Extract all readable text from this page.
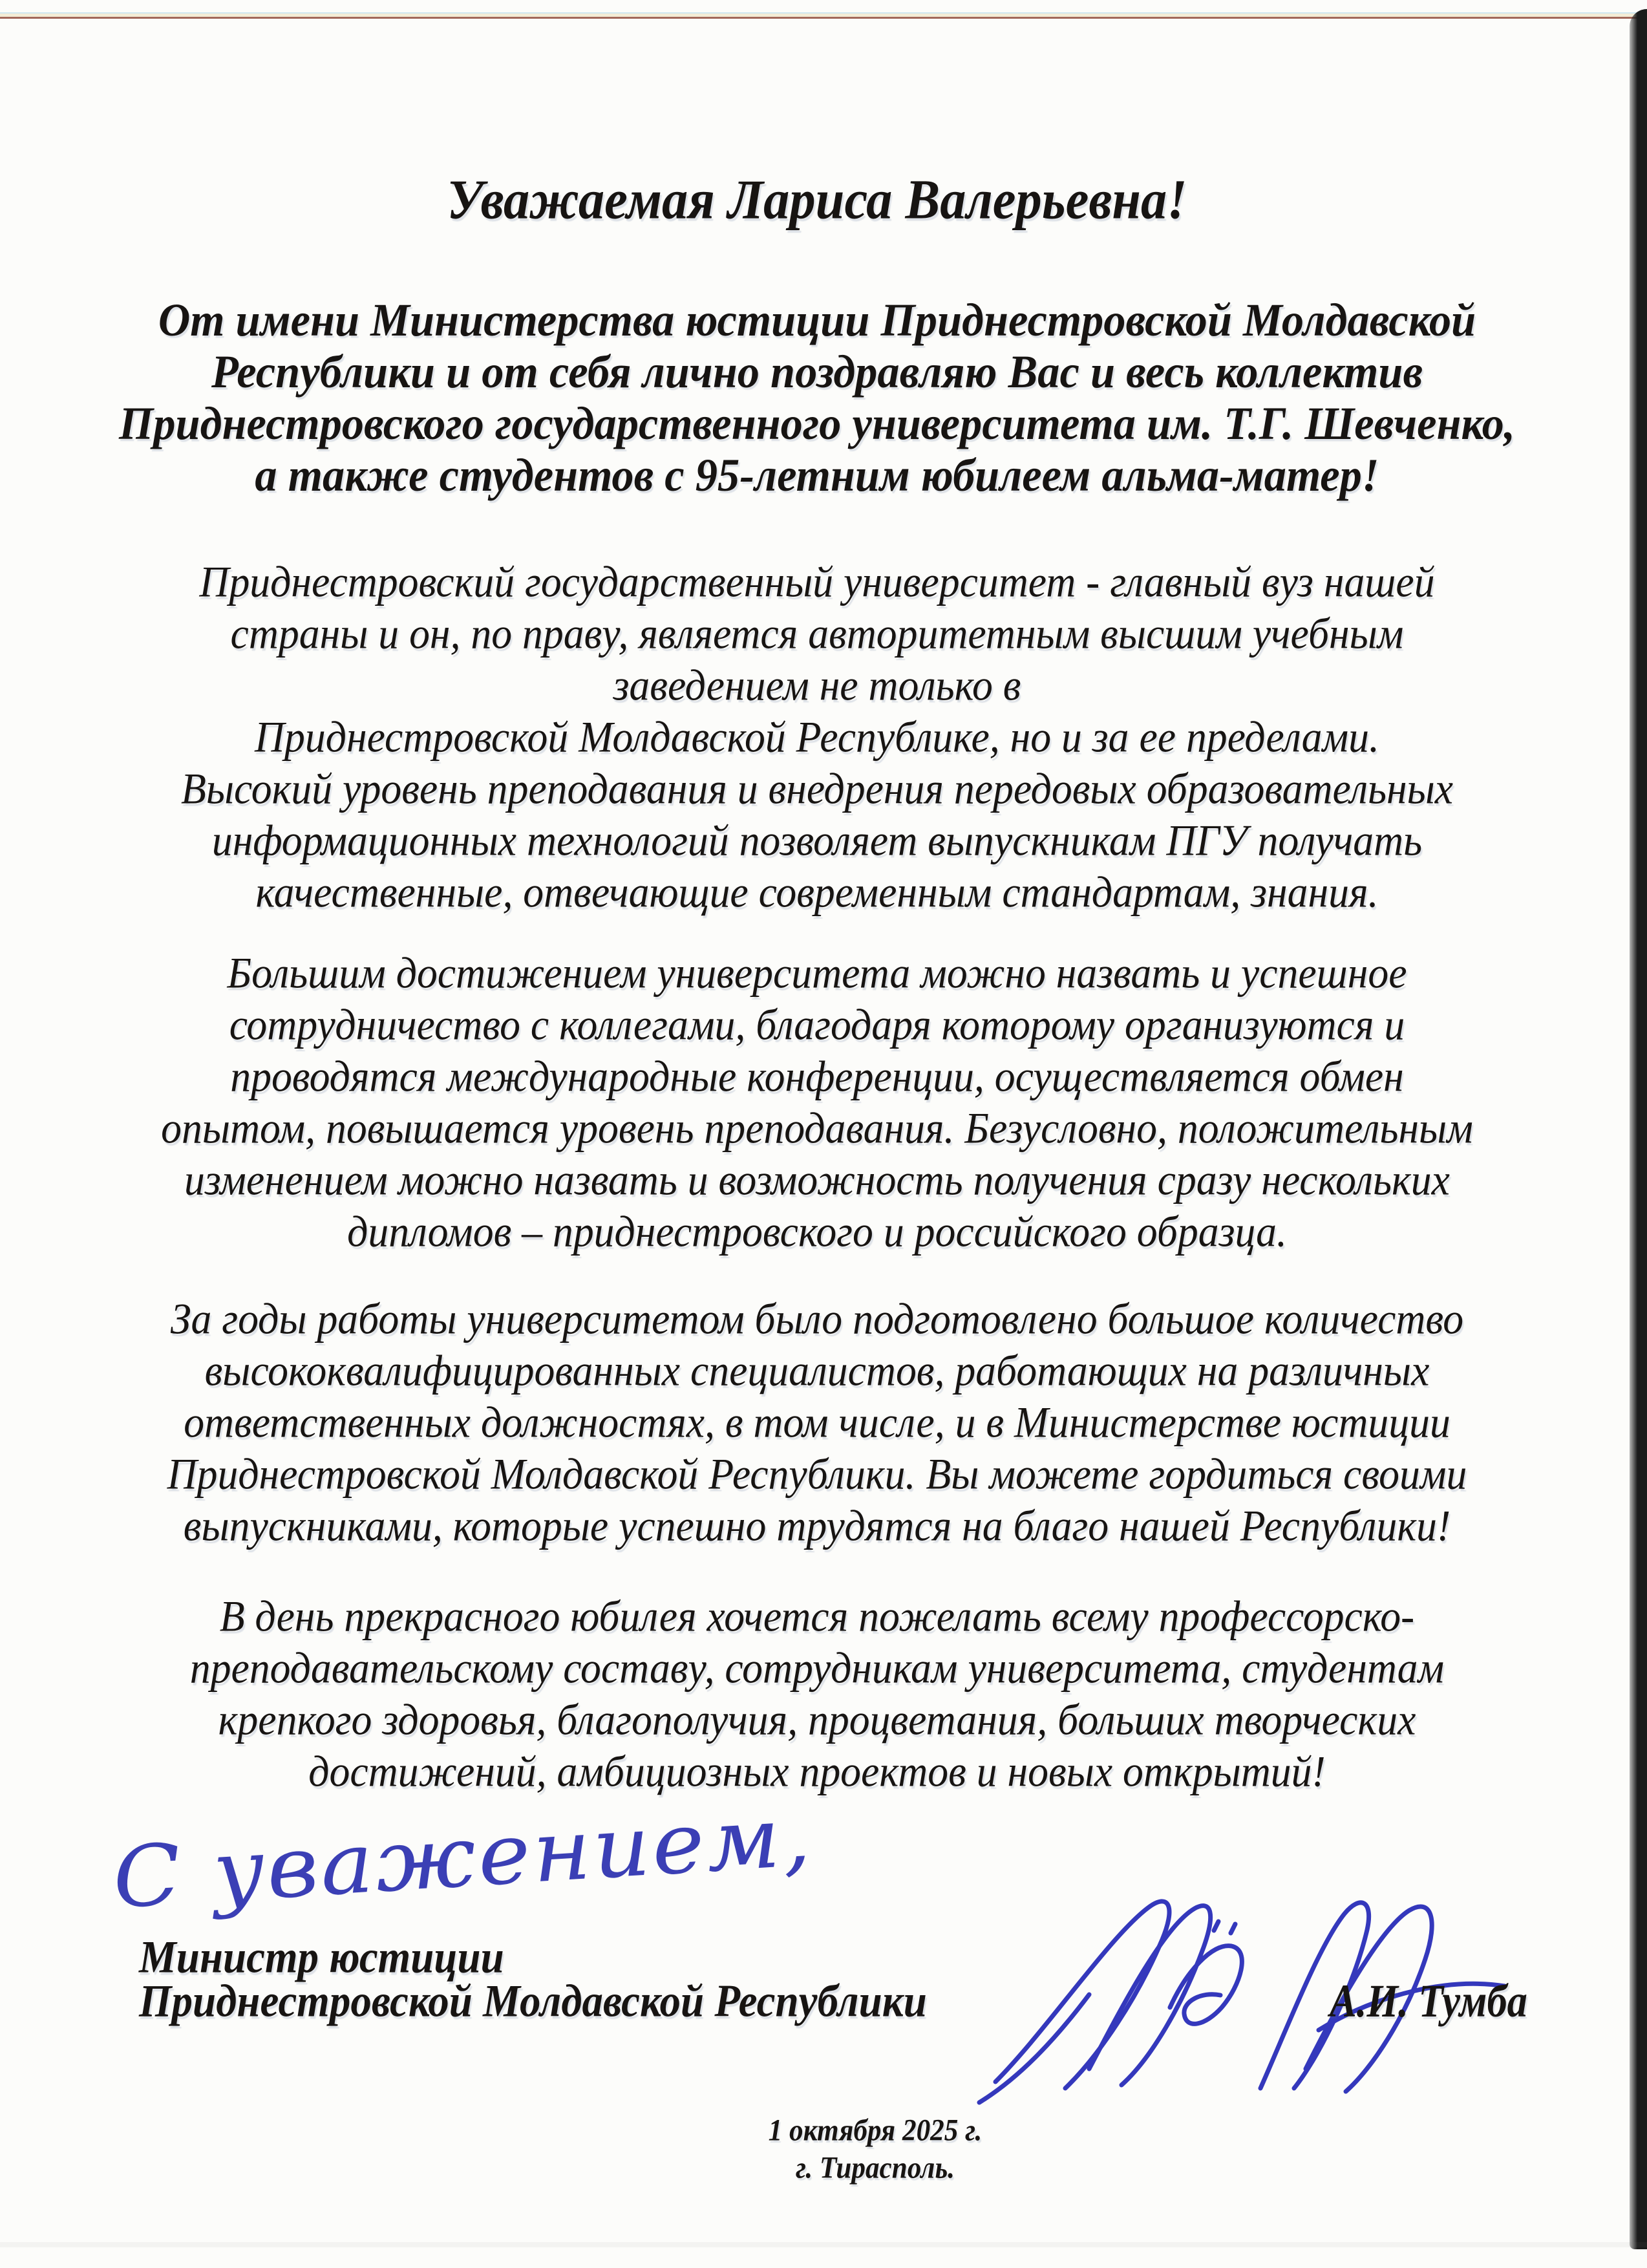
Уважаемая Лариса Валерьевна!
От имени Министерства юстиции Приднестровской Молдавской
Республики и от себя лично поздравляю Вас и весь коллектив
Приднестровского государственного университета им. Т.Г. Шевченко,
а также студентов с 95-летним юбилеем альма-матер!
Приднестровский государственный университет - главный вуз нашей
страны и он, по праву, является авторитетным высшим учебным
заведением не только в
Приднестровской Молдавской Республике, но и за ее пределами.
Высокий уровень преподавания и внедрения передовых образовательных
информационных технологий позволяет выпускникам ПГУ получать
качественные, отвечающие современным стандартам, знания.
Большим достижением университета можно назвать и успешное
сотрудничество с коллегами, благодаря которому организуются и
проводятся международные конференции, осуществляется обмен
опытом, повышается уровень преподавания. Безусловно, положительным
изменением можно назвать и возможность получения сразу нескольких
дипломов – приднестровского и российского образца.
За годы работы университетом было подготовлено большое количество
высококвалифицированных специалистов, работающих на различных
ответственных должностях, в том числе, и в Министерстве юстиции
Приднестровской Молдавской Республики. Вы можете гордиться своими
выпускниками, которые успешно трудятся на благо нашей Республики!
В день прекрасного юбилея хочется пожелать всему профессорско-
преподавательскому составу, сотрудникам университета, студентам
крепкого здоровья, благополучия, процветания, больших творческих
достижений, амбициозных проектов и новых открытий!
С уважением,
Министр юстиции
Приднестровской Молдавской Республики	А.И. Тумба
1 октября 2025 г.
г. Тирасполь.
